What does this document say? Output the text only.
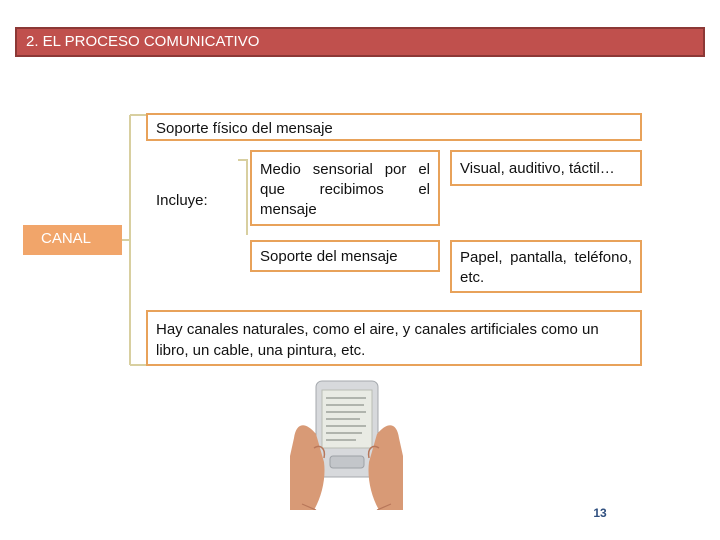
2. EL PROCESO COMUNICATIVO
CANAL
Soporte físico del mensaje
Incluye:
Medio sensorial por el que recibimos el mensaje
Visual, auditivo, táctil…
Soporte del mensaje	Papel, pantalla, teléfono, etc.
Hay canales naturales, como el aire, y canales artificiales como un libro, un cable, una pintura, etc.
13
